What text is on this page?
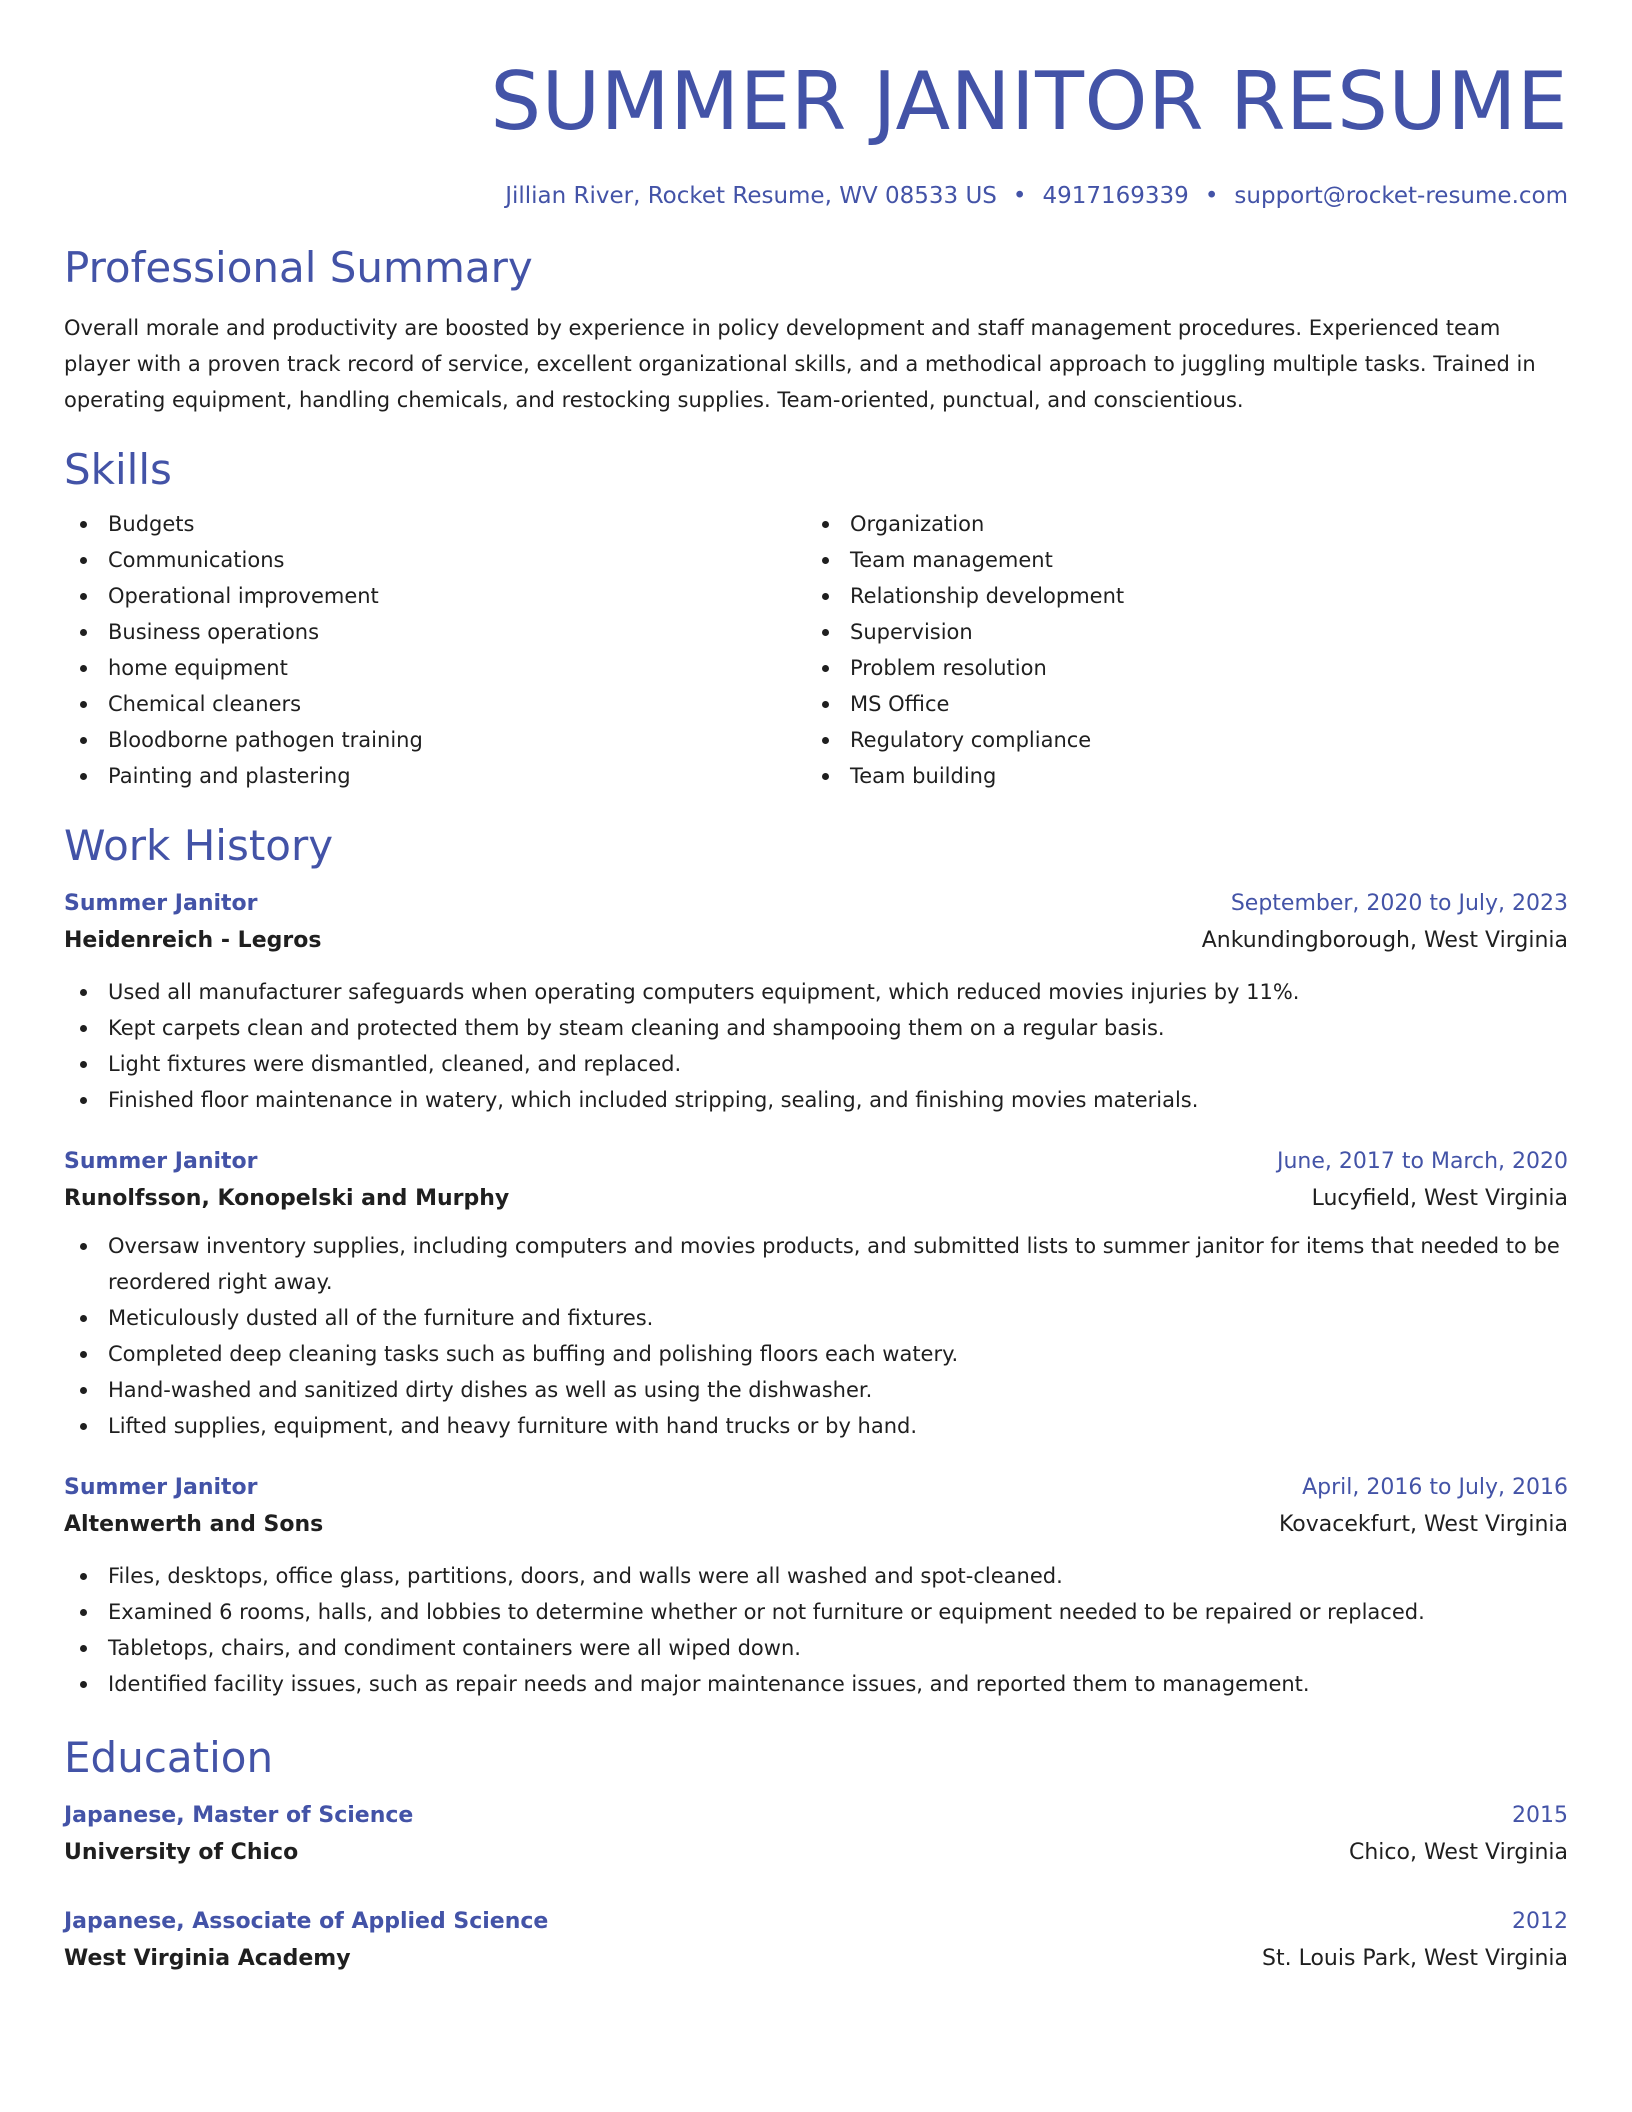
SUMMER JANITOR RESUME
Jillian River, Rocket Resume, WV 08533 US • 4917169339 • support@rocket-resume.com
Professional Summary

Overall morale and productivity are boosted by experience in policy development and staff management procedures. Experienced team player with a proven track record of service, excellent organizational skills, and a methodical approach to juggling multiple tasks. Trained in operating equipment, handling chemicals, and restocking supplies. Team-oriented, punctual, and conscientious.

Skills
Budgets
Communications
Operational improvement
Business operations
home equipment
Chemical cleaners
Bloodborne pathogen training
Painting and plastering
Organization
Team management
Relationship development
Supervision
Problem resolution
MS Office
Regulatory compliance
Team building
Work History
Summer Janitor	September, 2020 to July, 2023
Heidenreich - Legros	Ankundingborough, West Virginia
Used all manufacturer safeguards when operating computers equipment, which reduced movies injuries by 11%.
Kept carpets clean and protected them by steam cleaning and shampooing them on a regular basis.
Light fixtures were dismantled, cleaned, and replaced.
Finished floor maintenance in watery, which included stripping, sealing, and finishing movies materials.
Summer Janitor	June, 2017 to March, 2020
Runolfsson, Konopelski and Murphy	Lucyfield, West Virginia
Oversaw inventory supplies, including computers and movies products, and submitted lists to summer janitor for items that needed to be reordered right away.
Meticulously dusted all of the furniture and fixtures.
Completed deep cleaning tasks such as buffing and polishing floors each watery.
Hand-washed and sanitized dirty dishes as well as using the dishwasher.
Lifted supplies, equipment, and heavy furniture with hand trucks or by hand.
Summer Janitor	April, 2016 to July, 2016
Altenwerth and Sons	Kovacekfurt, West Virginia
Files, desktops, office glass, partitions, doors, and walls were all washed and spot-cleaned.
Examined 6 rooms, halls, and lobbies to determine whether or not furniture or equipment needed to be repaired or replaced.
Tabletops, chairs, and condiment containers were all wiped down.
Identified facility issues, such as repair needs and major maintenance issues, and reported them to management.
Education
Japanese, Master of Science	2015
University of Chico	Chico, West Virginia
Japanese, Associate of Applied Science	2012
West Virginia Academy	St. Louis Park, West Virginia
